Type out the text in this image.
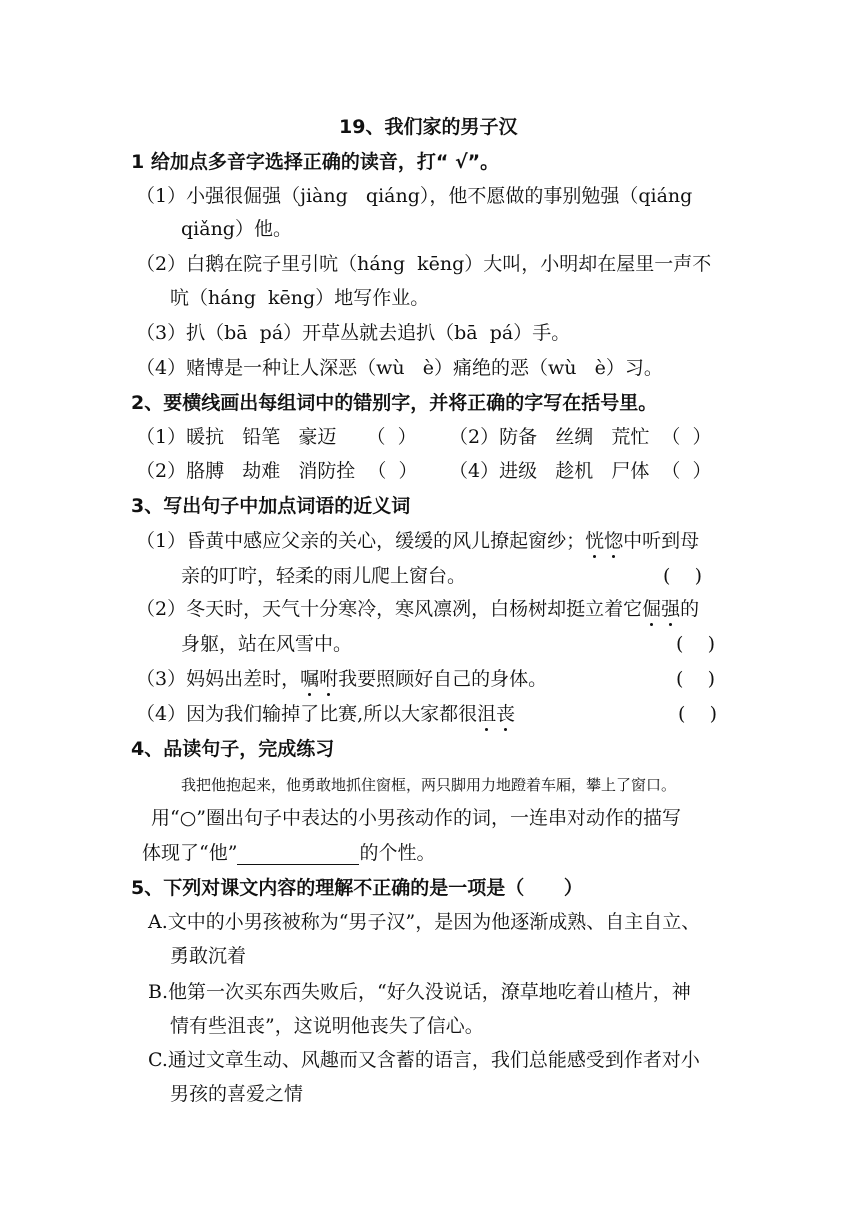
19、我们家的男子汉
1 给加点多音字选择正确的读音，打“ √”。
（1）小强很倔强（jiàng   qiáng），他不愿做的事别勉强（qiáng
qiǎng）他。
（2）白鹅在院子里引吭（háng  kēng）大叫，小明却在屋里一声不
吭（háng  kēng）地写作业。
（3）扒（bā  pá）开草丛就去追扒（bā  pá）手。
（4）赌博是一种让人深恶（wù   è）痛绝的恶（wù   è）习。
2、要横线画出每组词中的错别字，并将正确的字写在括号里。
（1）暖抗   铅笔   豪迈     （  ） （2）防备   丝绸   荒忙  （  ）
（2）胳膊   劫难   消防拴  （  ） （4）进级   趁机   尸体  （  ）
3、写出句子中加点词语的近义词
（1）昏黄中感应父亲的关心，缓缓的风儿撩起窗纱；恍惚中听到母
亲的叮咛，轻柔的雨儿爬上窗台。	(    )
（2）冬天时，天气十分寒冷，寒风凛冽，白杨树却挺立着它倔强的
身躯，站在风雪中。	(    )
（3）妈妈出差时，嘱咐我要照顾好自己的身体。	(    )
（4）因为我们输掉了比赛,所以大家都很沮丧	(    )
4、品读句子，完成练习
我把他抱起来，他勇敢地抓住窗框，两只脚用力地蹬着车厢，攀上了窗口。
用“○”圈出句子中表达的小男孩动作的词，一连串对动作的描写
体现了“他”	的个性。
5、下列对课文内容的理解不正确的是一项是（      ）
A.文中的小男孩被称为“男子汉”，是因为他逐渐成熟、自主自立、
勇敢沉着
B.他第一次买东西失败后，“好久没说话，潦草地吃着山楂片，神
情有些沮丧”，这说明他丧失了信心。
C.通过文章生动、风趣而又含蓄的语言，我们总能感受到作者对小
男孩的喜爱之情
